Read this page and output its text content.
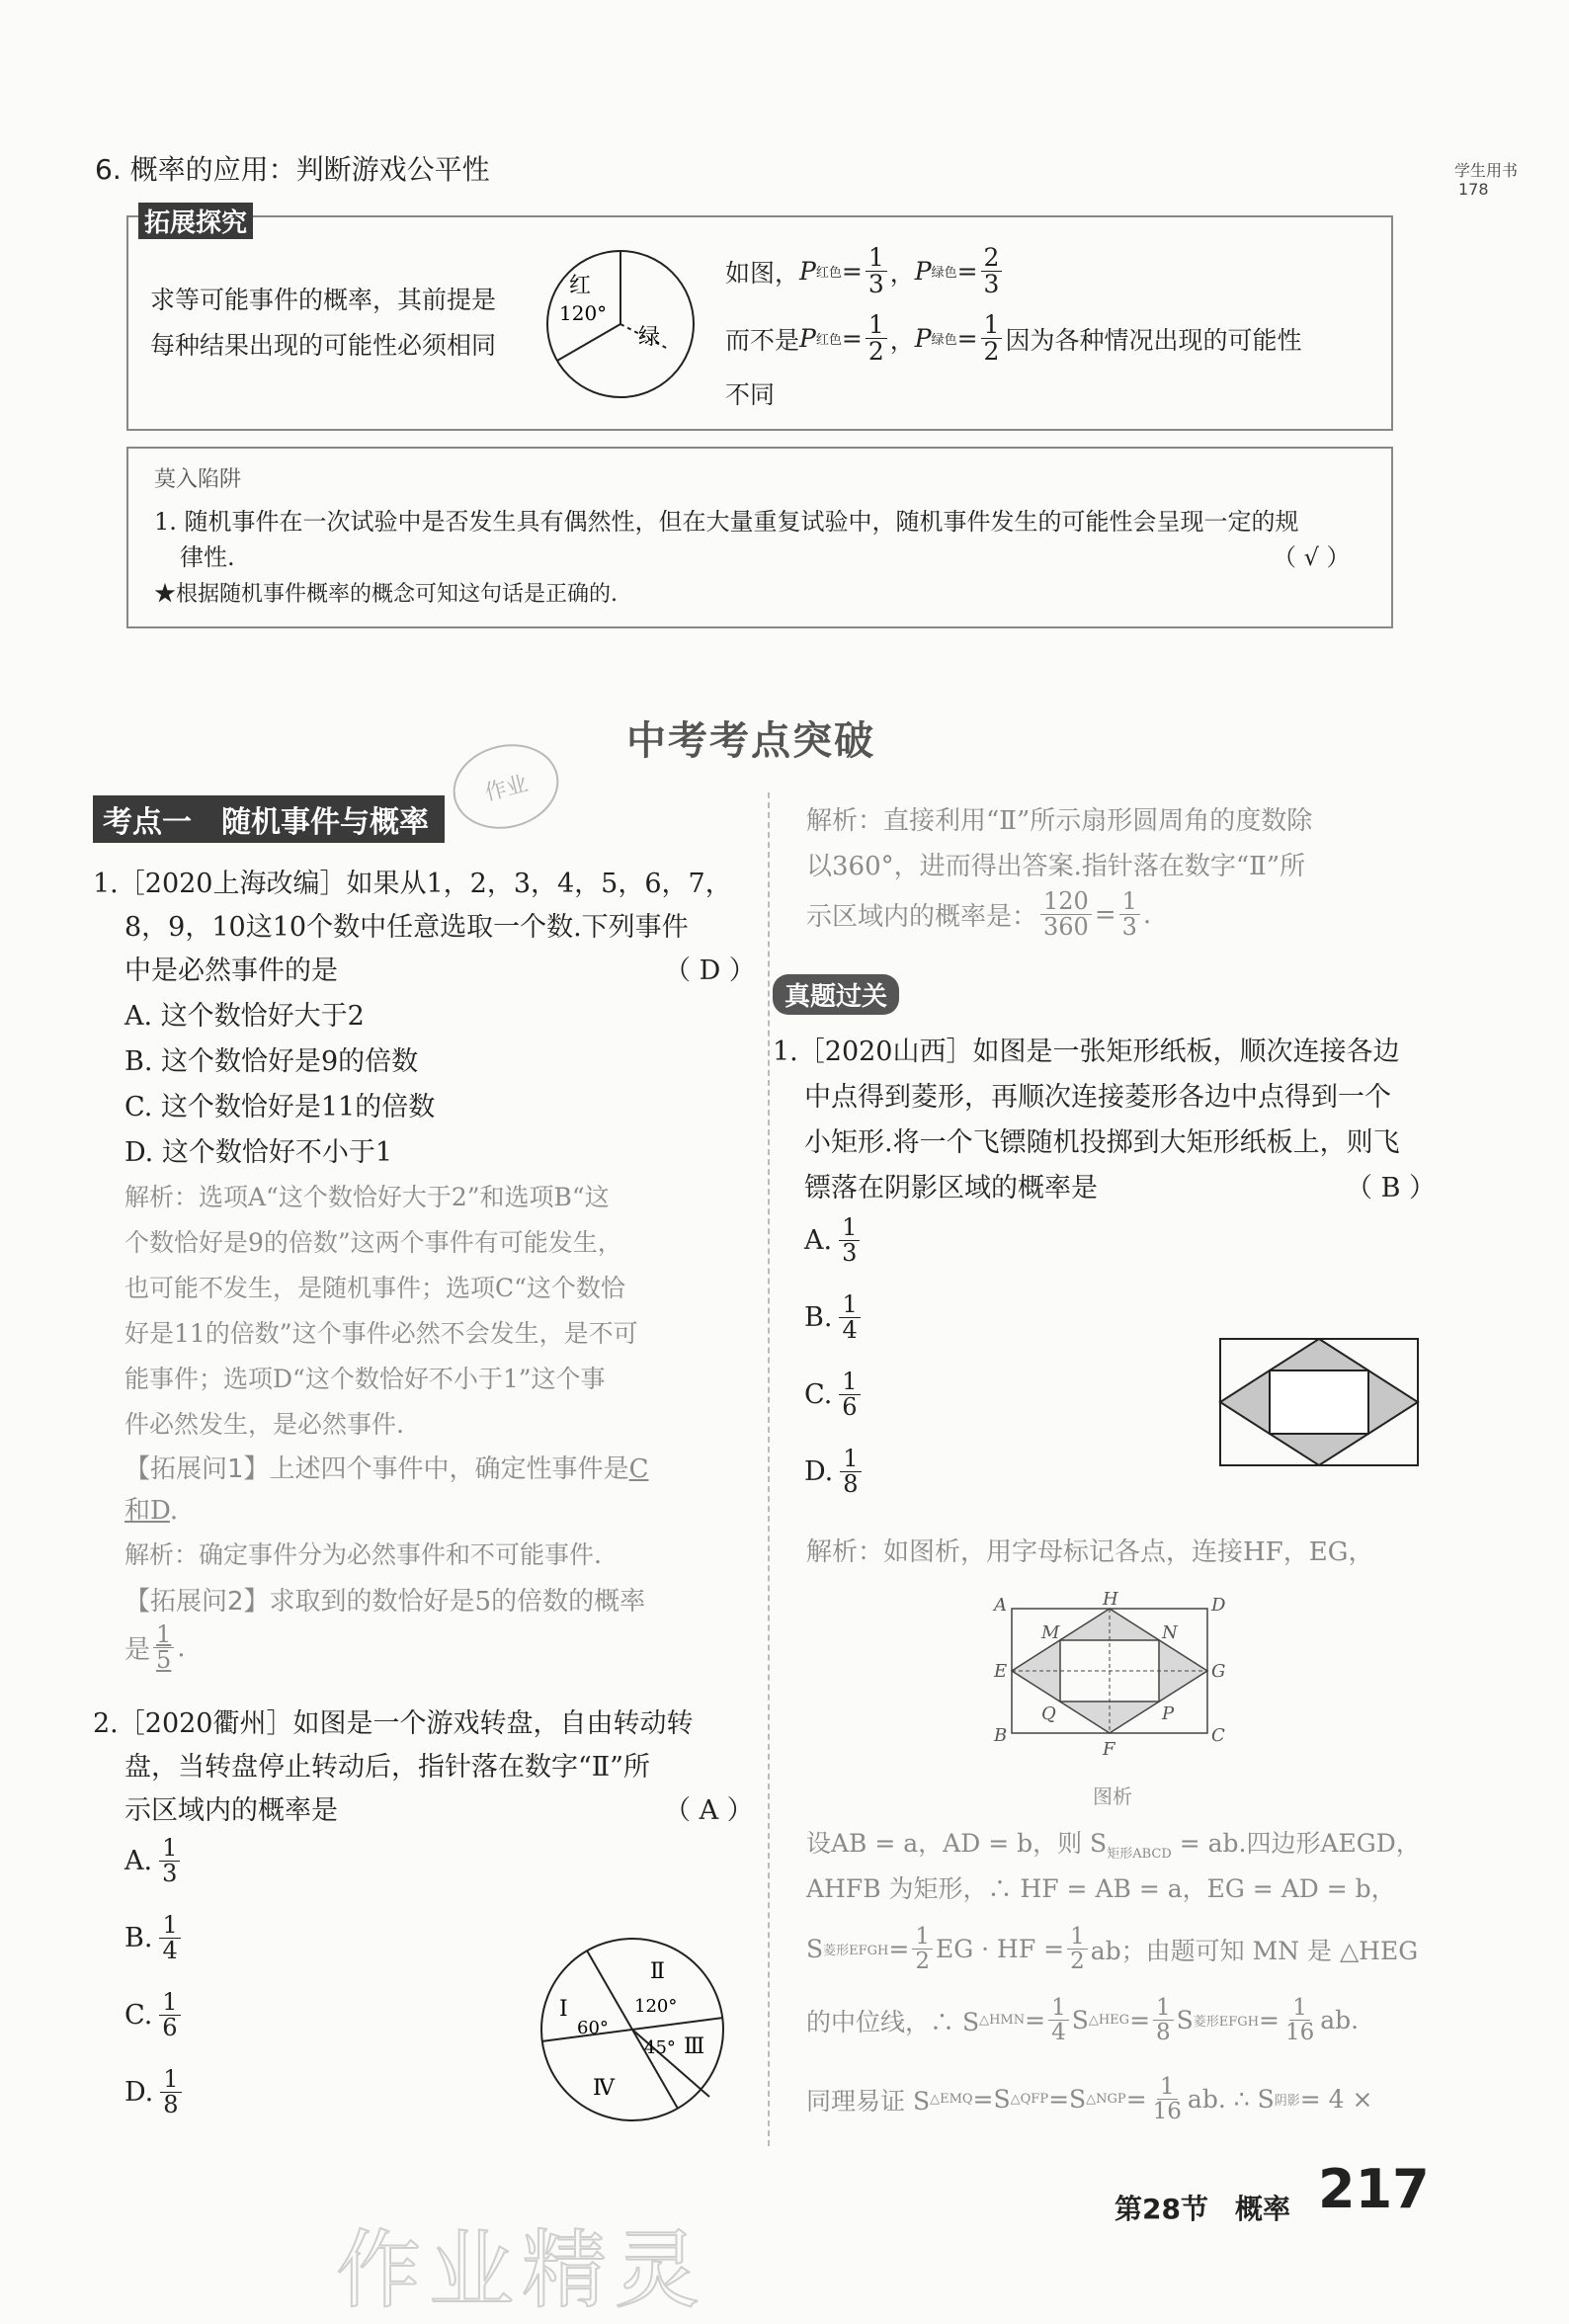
6. 概率的应用：判断游戏公平性	学生用书
178
拓展探究
求等可能事件的概率，其前提是
每种结果出现的可能性必须相同
红
120°
绿
如图， P 红色 = $\frac{1}{3}$ ， P 绿色 = $\frac{2}{3}$
而不是 P 红色 = $\frac{1}{2}$ ， P 绿色 = $\frac{1}{2}$ 因为各种情况出现的可能性
不同
莫入陷阱
1. 随机事件在一次试验中是否发生具有偶然性，但在大量重复试验中，随机事件发生的可能性会呈现一定的规
律性.	（ √ ）
★根据随机事件概率的概念可知这句话是正确的.
中考考点突破
作业
考点一　随机事件与概率
1.［2020上海改编］如果从1，2，3，4，5，6，7，
8，9，10这10个数中任意选取一个数.下列事件
中是必然事件的是	（ D ）
A. 这个数恰好大于2
B. 这个数恰好是9的倍数
C. 这个数恰好是11的倍数
D. 这个数恰好不小于1
解析：选项A“这个数恰好大于2”和选项B“这
个数恰好是9的倍数”这两个事件有可能发生，
也可能不发生，是随机事件；选项C“这个数恰
好是11的倍数”这个事件必然不会发生，是不可
能事件；选项D“这个数恰好不小于1”这个事
件必然发生，是必然事件.
【拓展问1】上述四个事件中，确定性事件是C
和D.
解析：确定事件分为必然事件和不可能事件.
【拓展问2】求取到的数恰好是5的倍数的概率
是 $\frac{1}{5}$ .
2.［2020衢州］如图是一个游戏转盘，自由转动转
盘，当转盘停止转动后，指针落在数字“Ⅱ”所
示区域内的概率是	（ A ）
A. $\frac{1}{3}$
B. $\frac{1}{4}$
C. $\frac{1}{6}$
D. $\frac{1}{8}$
Ⅰ
Ⅱ
Ⅲ
Ⅳ
60°
120°
45°
解析：直接利用“Ⅱ”所示扇形圆周角的度数除
以360°，进而得出答案.指针落在数字“Ⅱ”所
示区域内的概率是： $\frac{120}{360} = \frac{1}{3}$ .
真题过关
1.［2020山西］如图是一张矩形纸板，顺次连接各边
中点得到菱形，再顺次连接菱形各边中点得到一个
小矩形.将一个飞镖随机投掷到大矩形纸板上，则飞
镖落在阴影区域的概率是	（ B ）
A. $\frac{1}{3}$
B. $\frac{1}{4}$
C. $\frac{1}{6}$
D. $\frac{1}{8}$
解析：如图析，用字母标记各点，连接HF，EG，
A	H	D
M	N
E	G
Q	P
B
F
C
图析
设AB = a，AD = b，则 $S_{矩形ABCD}$ = ab.四边形AEGD，
AHFB 为矩形，∴ HF = AB = a，EG = AD = b，
S 菱形EFGH = $\frac{1}{2}$ EG · HF = $\frac{1}{2}$ ab；由题可知 MN 是 △HEG
的中位线，∴ S △HMN = $\frac{1}{4}$ S △HEG = $\frac{1}{8}$ S 菱形EFGH = $\frac{1}{16}$ ab.
同理易证 S △EMQ = S △QFP = S △NGP = $\frac{1}{16}$ ab. ∴ S 阴影 = 4 ×
作业精灵
第28节 概率 217
